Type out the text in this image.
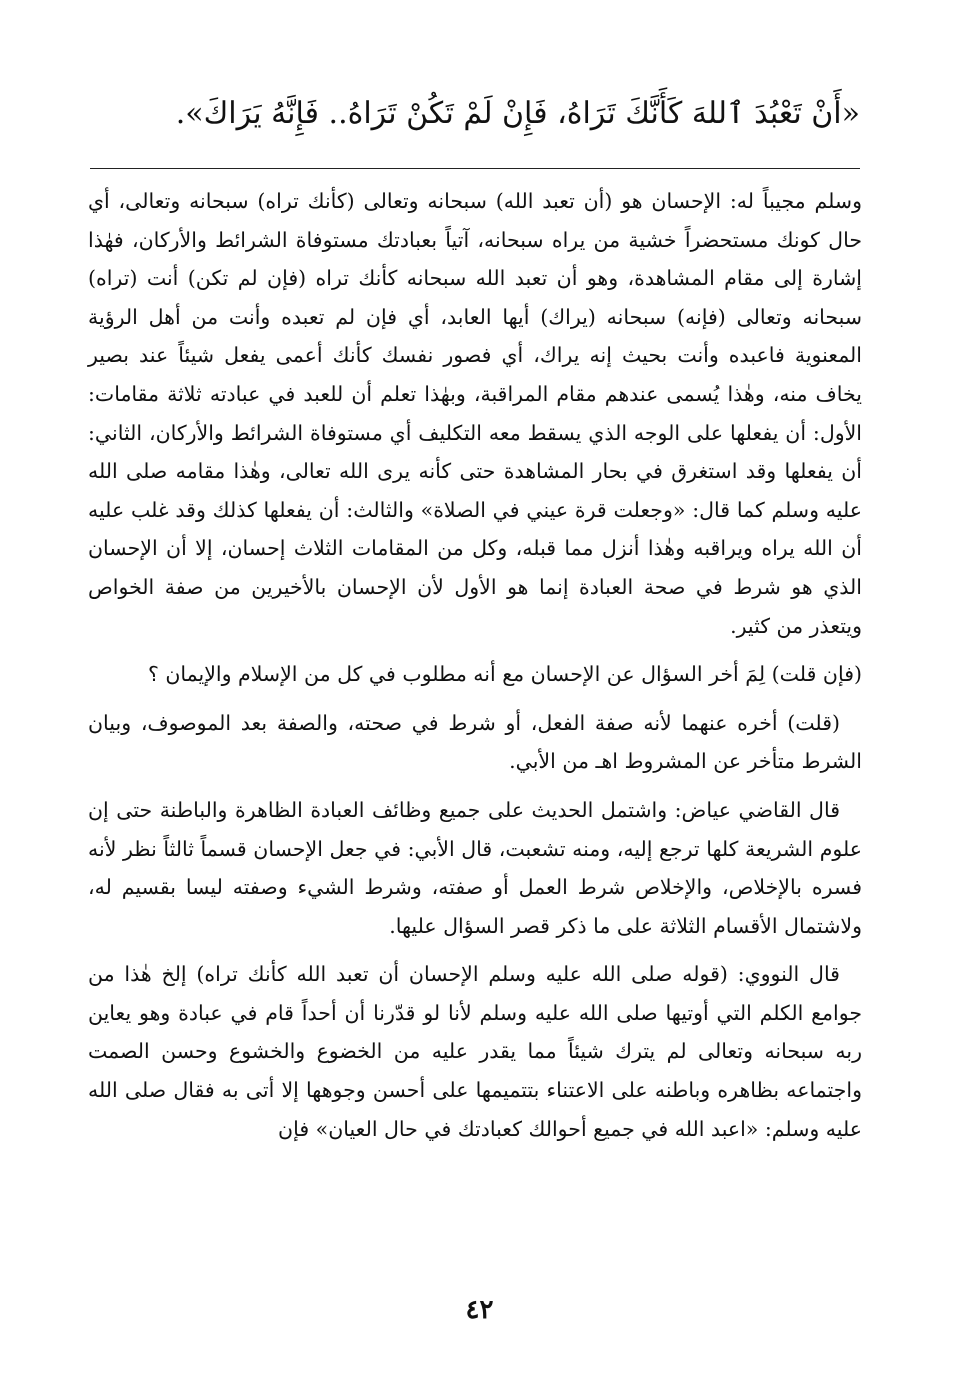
«أَنْ تَعْبُدَ ٱللهَ كَأَنَّكَ تَرَاهُ، فَإِنْ لَمْ تَكُنْ تَرَاهُ.. فَإِنَّهُ يَرَاكَ».

وسلم مجيباً له: الإحسان هو (أن تعبد الله) سبحانه وتعالى (كأنك تراه) سبحانه وتعالى، أي حال كونك مستحضراً خشية من يراه سبحانه، آتياً بعبادتك مستوفاة الشرائط والأركان، فهٰذا إشارة إلى مقام المشاهدة، وهو أن تعبد الله سبحانه كأنك تراه (فإن لم تكن) أنت (تراه) سبحانه وتعالى (فإنه) سبحانه (يراك) أيها العابد، أي فإن لم تعبده وأنت من أهل الرؤية المعنوية فاعبده وأنت بحيث إنه يراك، أي فصور نفسك كأنك أعمى يفعل شيئاً عند بصير يخاف منه، وهٰذا يُسمى عندهم مقام المراقبة، وبهٰذا تعلم أن للعبد في عبادته ثلاثة مقامات: الأول: أن يفعلها على الوجه الذي يسقط معه التكليف أي مستوفاة الشرائط والأركان، الثاني: أن يفعلها وقد استغرق في بحار المشاهدة حتى كأنه يرى الله تعالى، وهٰذا مقامه صلى الله عليه وسلم كما قال: «وجعلت قرة عيني في الصلاة» والثالث: أن يفعلها كذلك وقد غلب عليه أن الله يراه ويراقبه وهٰذا أنزل مما قبله، وكل من المقامات الثلاث إحسان، إلا أن الإحسان الذي هو شرط في صحة العبادة إنما هو الأول لأن الإحسان بالأخيرين من صفة الخواص ويتعذر من كثير.

(فإن قلت) لِمَ أخر السؤال عن الإحسان مع أنه مطلوب في كل من الإسلام والإيمان ؟

(قلت) أخره عنهما لأنه صفة الفعل، أو شرط في صحته، والصفة بعد الموصوف، وبيان الشرط متأخر عن المشروط اهـ من الأبي.

قال القاضي عياض: واشتمل الحديث على جميع وظائف العبادة الظاهرة والباطنة حتى إن علوم الشريعة كلها ترجع إليه، ومنه تشعبت، قال الأبي: في جعل الإحسان قسماً ثالثاً نظر لأنه فسره بالإخلاص، والإخلاص شرط العمل أو صفته، وشرط الشيء وصفته ليسا بقسيم له، ولاشتمال الأقسام الثلاثة على ما ذكر قصر السؤال عليها.

قال النووي: (قوله صلى الله عليه وسلم الإحسان أن تعبد الله كأنك تراه) إلخ هٰذا من جوامع الكلم التي أوتيها صلى الله عليه وسلم لأنا لو قدّرنا أن أحداً قام في عبادة وهو يعاين ربه سبحانه وتعالى لم يترك شيئاً مما يقدر عليه من الخضوع والخشوع وحسن الصمت واجتماعه بظاهره وباطنه على الاعتناء بتتميمها على أحسن وجوهها إلا أتى به فقال صلى الله عليه وسلم: «اعبد الله في جميع أحوالك كعبادتك في حال العيان» فإن

٤٢
